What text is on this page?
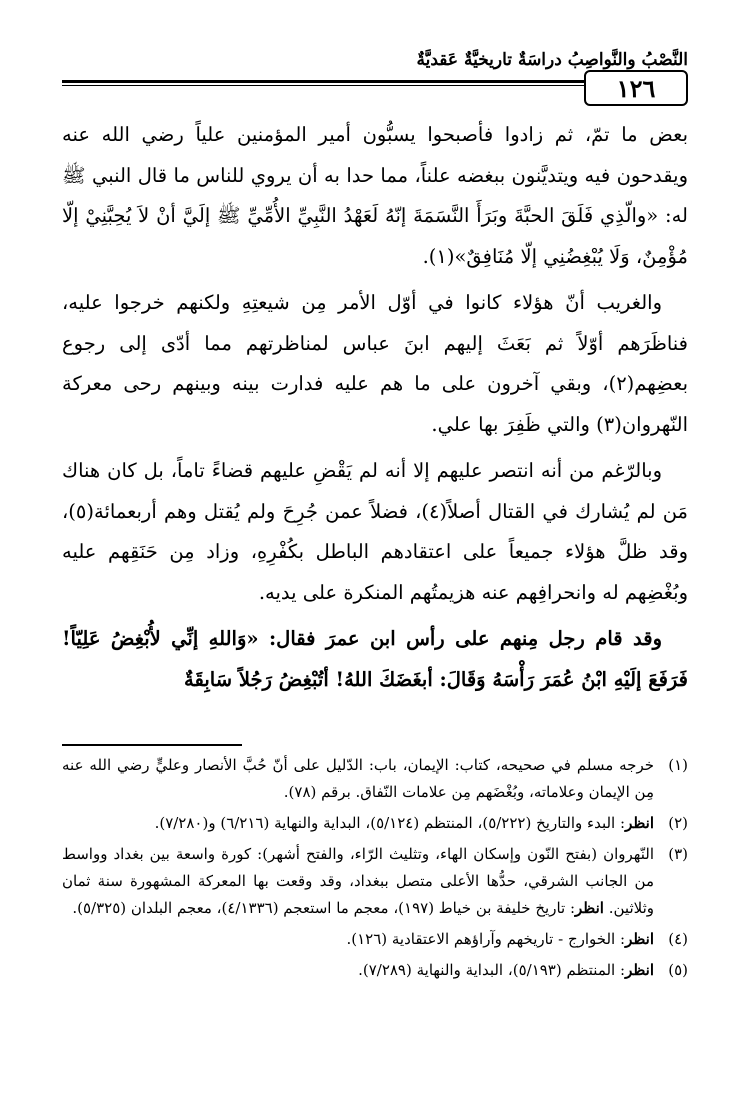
النَّصْبُ والنَّواصِبُ دراسَةٌ تاريخيَّةٌ عَقديَّةٌ
١٢٦

بعض ما تمّ، ثم زادوا فأصبحوا يسبُّون أمير المؤمنين علياً رضي الله عنه ويقدحون فيه ويتديَّنون ببغضه علناً، مما حدا به أن يروي للناس ما قال النبي ﷺ له: «والّذِي فَلَقَ الحبَّةَ وبَرَأَ النَّسَمَةَ إنّهُ لَعَهْدُ النَّبِيِّ الأُمِّيِّ ﷺ إلَيَّ أنْ لاَ يُحِبَّنِيْ إلّا مُؤْمِنٌ، وَلَا يُبْغِضُنِي إلّا مُنَافِقٌ»(١).

والغريب أنّ هؤلاء كانوا في أوّل الأمر مِن شيعتِهِ ولكنهم خرجوا عليه، فناظَرَهم أوّلاً ثم بَعَثَ إليهم ابنَ عباس لمناظرتهم مما أدّى إلى رجوع بعضِهم(٢)، وبقي آخرون على ما هم عليه فدارت بينه وبينهم رحى معركة النّهروان(٣) والتي ظَفِرَ بها علي.

وبالرّغم من أنه انتصر عليهم إلا أنه لم يَقْضِ عليهم قضاءً تاماً، بل كان هناك مَن لم يُشارك في القتال أصلاً(٤)، فضلاً عمن جُرِحَ ولم يُقتل وهم أربعمائة(٥)، وقد ظلَّ هؤلاء جميعاً على اعتقادهم الباطل بكُفْرِهِ، وزاد مِن حَنَقِهم عليه وبُغْضِهم له وانحرافِهم عنه هزيمتُهم المنكرة على يديه.

وقد قام رجل مِنهم على رأس ابن عمرَ فقال: «وَاللهِ إنِّي لأُبْغِضُ عَلِيّاً! فَرَفَعَ إلَيْهِ ابْنُ عُمَرَ رَأْسَهُ وَقَالَ: أبغَضَكَ اللهُ! أتُبْغِضُ رَجُلاً سَابِقَةٌ

(١)
خرجه مسلم في صحيحه، كتاب: الإيمان، باب: الدّليل على أنّ حُبَّ الأنصار وعليٍّ رضي الله عنه مِن الإيمان وعلاماته، وبُغْضَهم مِن علامات النّفاق. برقم (٧٨).
(٢)
انظر: البدء والتاريخ (٥/٢٢٢)، المنتظم (٥/١٢٤)، البداية والنهاية (٦/٢١٦) و(٧/٢٨٠).
(٣)
النّهروان (بفتح النّون وإسكان الهاء، وتثليث الرّاء، والفتح أشهر): كورة واسعة بين بغداد وواسط من الجانب الشرقي، حدُّها الأعلى متصل ببغداد، وقد وقعت بها المعركة المشهورة سنة ثمان وثلاثين. انظر: تاريخ خليفة بن خياط (١٩٧)، معجم ما استعجم (٤/١٣٣٦)، معجم البلدان (٥/٣٢٥).
(٤)
انظر: الخوارج - تاريخهم وآراؤهم الاعتقادية (١٢٦).
(٥)
انظر: المنتظم (٥/١٩٣)، البداية والنهاية (٧/٢٨٩).
